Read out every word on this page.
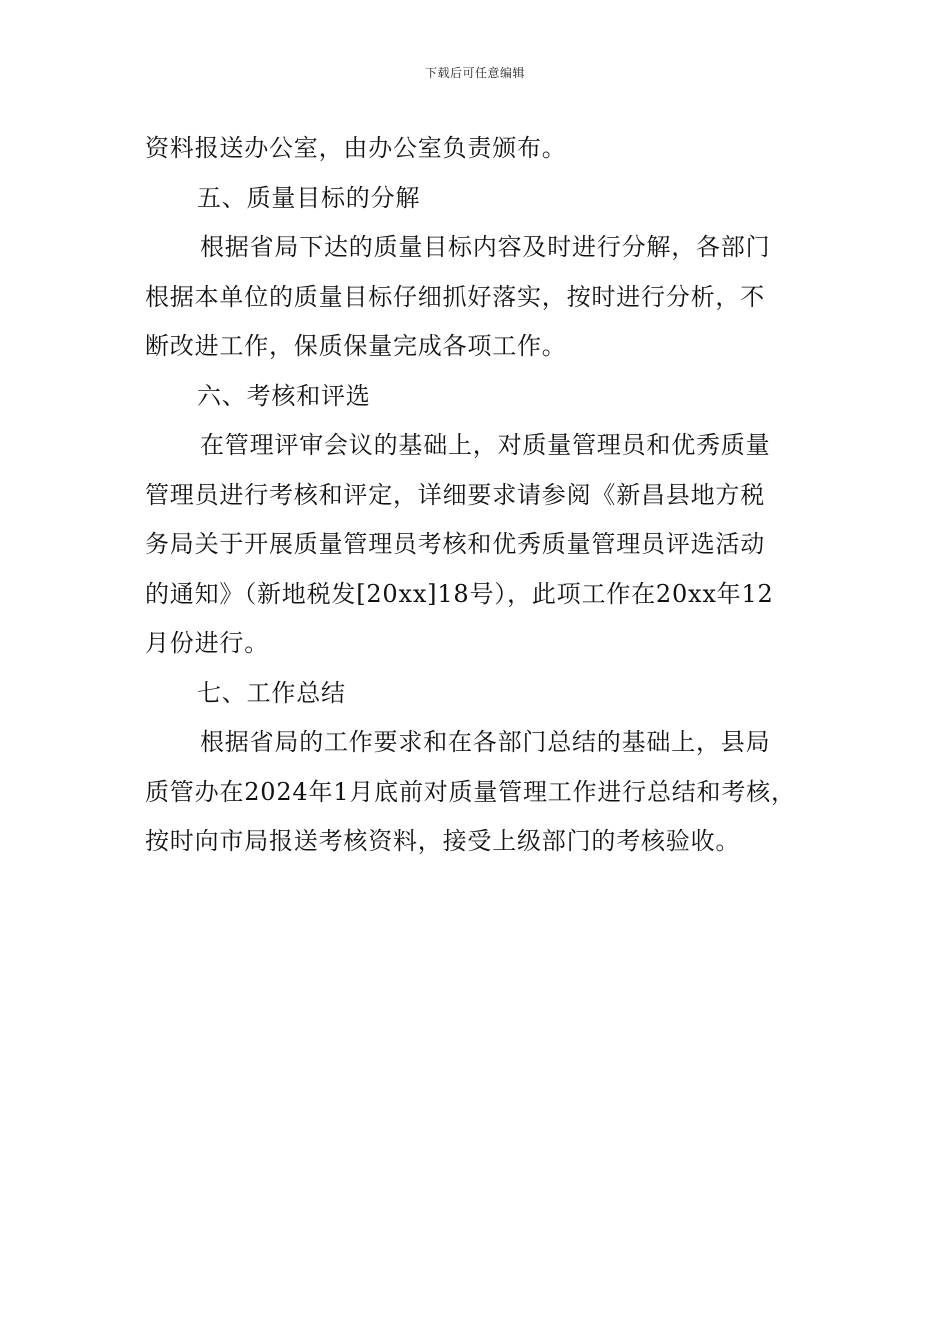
下载后可任意编辑
资料报送办公室，由办公室负责颁布。
五、质量目标的分解
根据省局下达的质量目标内容及时进行分解，各部门
根据本单位的质量目标仔细抓好落实，按时进行分析，不
断改进工作，保质保量完成各项工作。
六、考核和评选
在管理评审会议的基础上，对质量管理员和优秀质量
管理员进行考核和评定，详细要求请参阅《新昌县地方税
务局关于开展质量管理员考核和优秀质量管理员评选活动
的通知》（新地税发[20xx]18号），此项工作在20xx年12
月份进行。
七、工作总结
根据省局的工作要求和在各部门总结的基础上，县局
质管办在2024年1月底前对质量管理工作进行总结和考核，
按时向市局报送考核资料，接受上级部门的考核验收。
